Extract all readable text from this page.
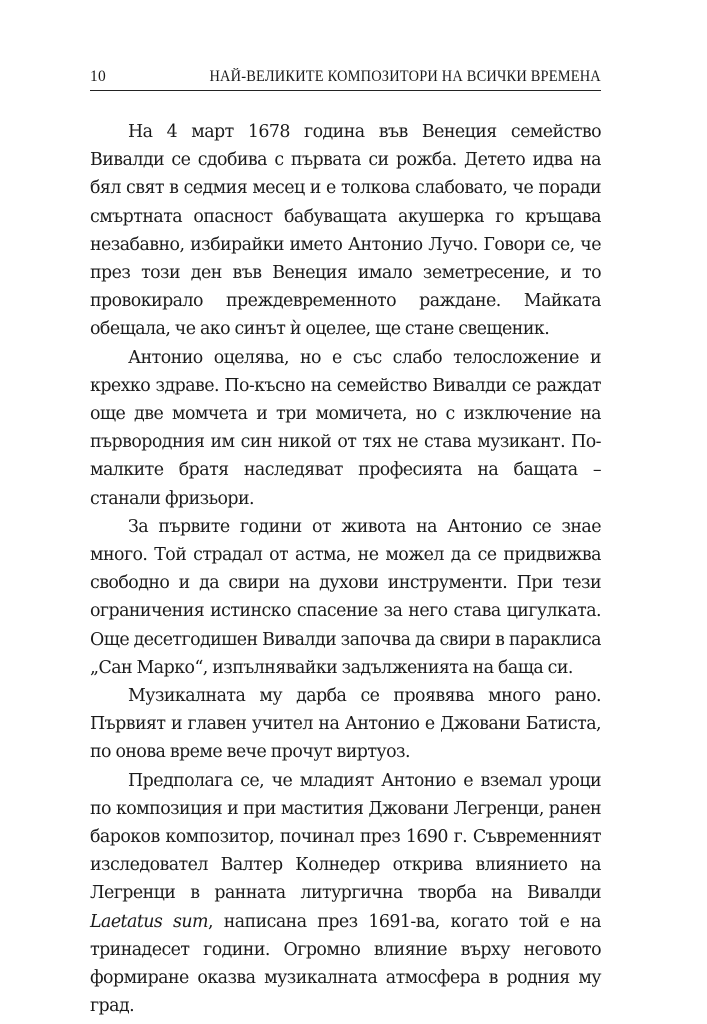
10	НАЙ-ВЕЛИКИТЕ КОМПОЗИТОРИ НА ВСИЧКИ ВРЕМЕНА

На 4 март 1678 година във Венеция семейство Вивалди се сдобива с първата си рожба. Детето идва на бял свят в седмия месец и е толкова слабовато, че поради смъртната опасност бабуващата акушерка го кръщава незабавно, избирайки името Антонио Лучо. Говори се, че през този ден във Венеция имало земетресение, и то провокирало преждевременното раждане. Майката обещала, че ако синът ѝ оцелее, ще стане свещеник.

Антонио оцелява, но е със слабо телосложение и крехко здраве. По-късно на семейство Вивалди се раждат още две момчета и три момичета, но с изключение на първородния им син никой от тях не става музикант. По-малките братя наследяват професията на бащата – станали фризьори.

За първите години от живота на Антонио се знае много. Той страдал от астма, не можел да се придвижва свободно и да свири на духови инструменти. При тези ограничения истинско спасение за него става цигулката. Още десетгодишен Вивалди започва да свири в параклиса „Сан Марко“, изпълнявайки задълженията на баща си.

Музикалната му дарба се проявява много рано. Първият и главен учител на Антонио е Джовани Батиста, по онова време вече прочут виртуоз.

Предполага се, че младият Антонио е вземал уроци по композиция и при мастития Джовани Легренци, ранен бароков композитор, починал през 1690 г. Съвременният изследовател Валтер Колнедер открива влиянието на Легренци в ранната литургична творба на Вивалди Laetatus sum, написана през 1691-ва, когато той е на тринадесет години. Огромно влияние върху неговото формиране оказва музикалната атмосфера в родния му град.
